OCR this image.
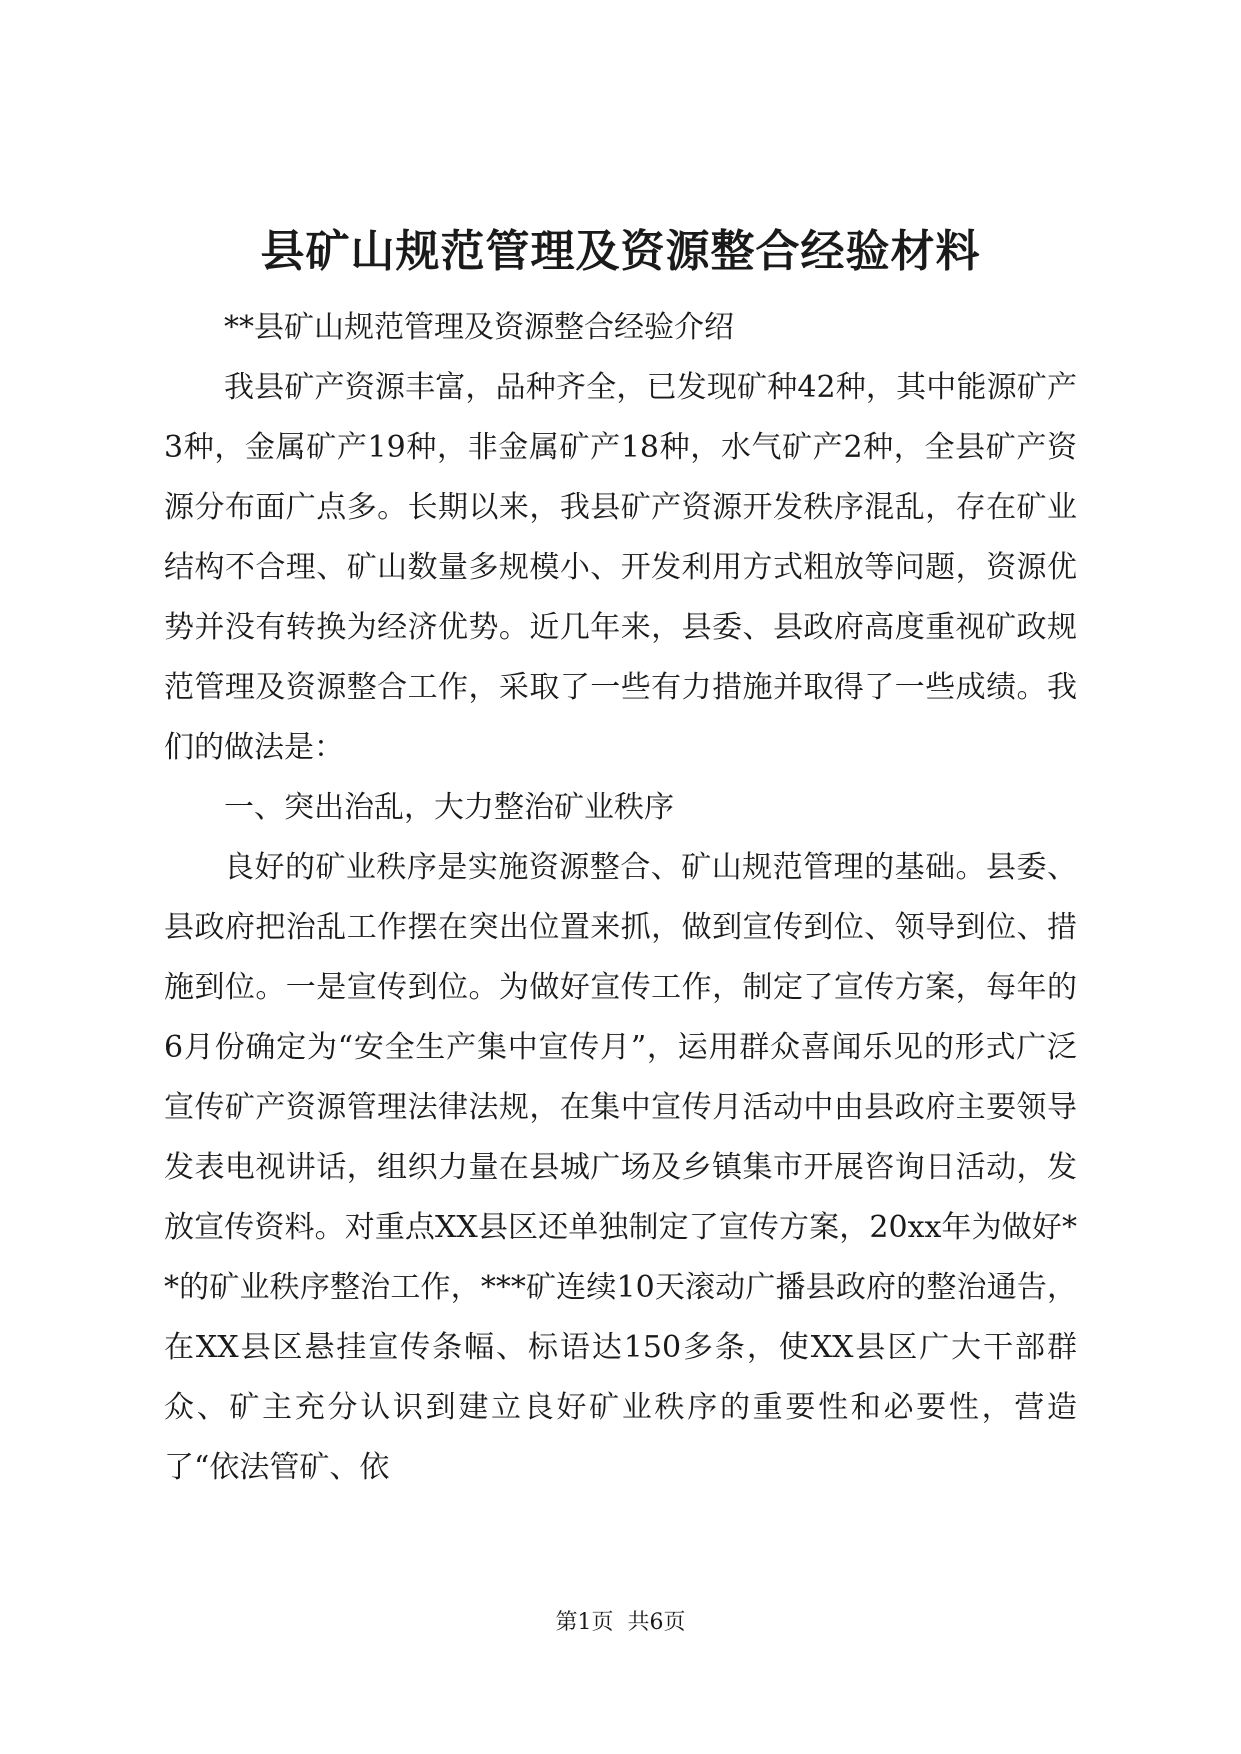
县矿山规范管理及资源整合经验材料

**县矿山规范管理及资源整合经验介绍

我县矿产资源丰富，品种齐全，已发现矿种42种，其中能源矿产3种，金属矿产19种，非金属矿产18种，水气矿产2种，全县矿产资源分布面广点多。长期以来，我县矿产资源开发秩序混乱，存在矿业结构不合理、矿山数量多规模小、开发利用方式粗放等问题，资源优势并没有转换为经济优势。近几年来，县委、县政府高度重视矿政规范管理及资源整合工作，采取了一些有力措施并取得了一些成绩。我们的做法是：

一、突出治乱，大力整治矿业秩序

良好的矿业秩序是实施资源整合、矿山规范管理的基础。县委、县政府把治乱工作摆在突出位置来抓，做到宣传到位、领导到位、措施到位。一是宣传到位。为做好宣传工作，制定了宣传方案，每年的6月份确定为“安全生产集中宣传月”，运用群众喜闻乐见的形式广泛宣传矿产资源管理法律法规，在集中宣传月活动中由县政府主要领导发表电视讲话，组织力量在县城广场及乡镇集市开展咨询日活动，发放宣传资料。对重点XX县区还单独制定了宣传方案，20xx年为做好**的矿业秩序整治工作，***矿连续10天滚动广播县政府的整治通告，在XX县区悬挂宣传条幅、标语达150多条，使XX县区广大干部群众、矿主充分认识到建立良好矿业秩序的重要性和必要性，营造了“依法管矿、依

第1页 共6页
